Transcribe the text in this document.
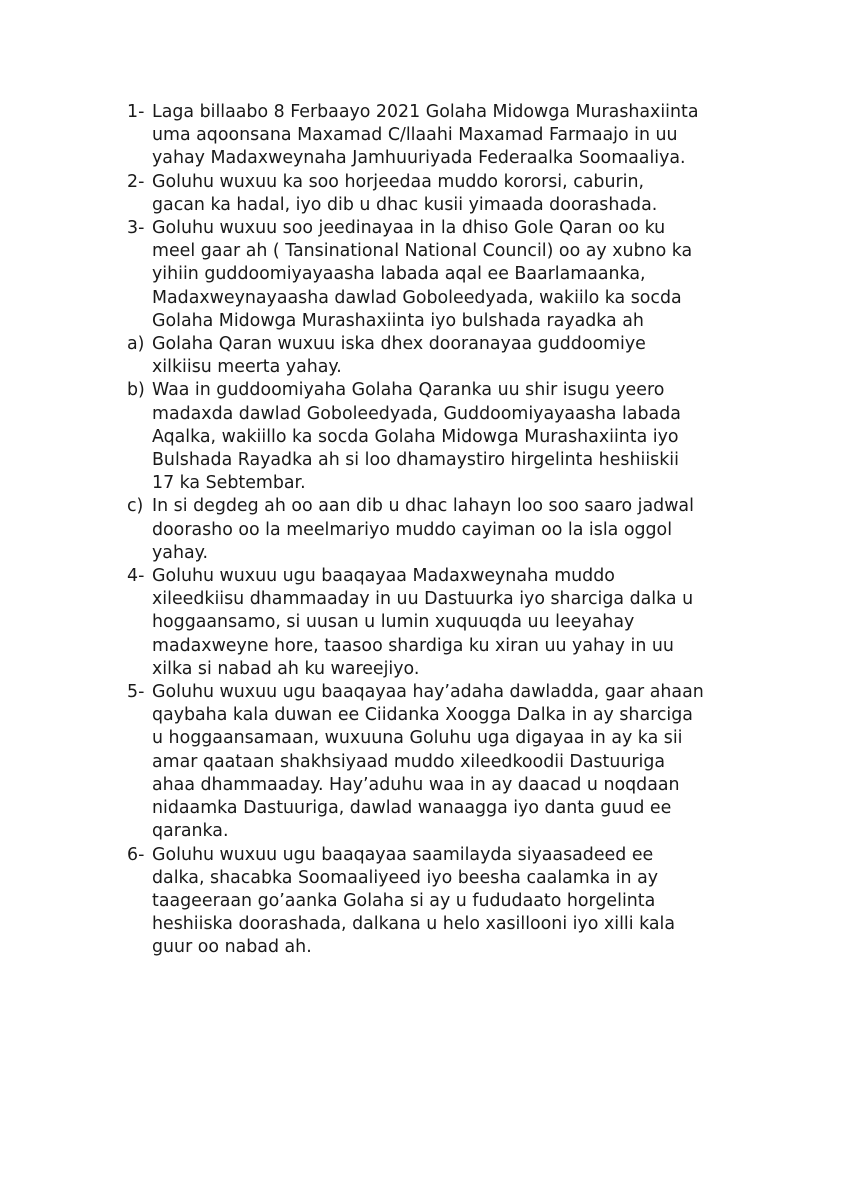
1- Laga billaabo 8 Ferbaayo 2021 Golaha Midowga Murashaxiinta
uma aqoonsana Maxamad C/llaahi Maxamad Farmaajo in uu
yahay Madaxweynaha Jamhuuriyada Federaalka Soomaaliya.
2- Goluhu wuxuu ka soo horjeedaa muddo kororsi, caburin,
gacan ka hadal, iyo dib u dhac kusii yimaada doorashada.
3- Goluhu wuxuu soo jeedinayaa in la dhiso Gole Qaran oo ku
meel gaar ah ( Tansinational National Council) oo ay xubno ka
yihiin guddoomiyayaasha labada aqal ee Baarlamaanka,
Madaxweynayaasha dawlad Goboleedyada, wakiilo ka socda
Golaha Midowga Murashaxiinta iyo bulshada rayadka ah
a) Golaha Qaran wuxuu iska dhex dooranayaa guddoomiye
xilkiisu meerta yahay.
b) Waa in guddoomiyaha Golaha Qaranka uu shir isugu yeero
madaxda dawlad Goboleedyada, Guddoomiyayaasha labada
Aqalka, wakiillo ka socda Golaha Midowga Murashaxiinta iyo
Bulshada Rayadka ah si loo dhamaystiro hirgelinta heshiiskii
17 ka Sebtembar.
c) In si degdeg ah oo aan dib u dhac lahayn loo soo saaro jadwal
doorasho oo la meelmariyo muddo cayiman oo la isla oggol
yahay.
4- Goluhu wuxuu ugu baaqayaa Madaxweynaha muddo
xileedkiisu dhammaaday in uu Dastuurka iyo sharciga dalka u
hoggaansamo, si uusan u lumin xuquuqda uu leeyahay
madaxweyne hore, taasoo shardiga ku xiran uu yahay in uu
xilka si nabad ah ku wareejiyo.
5- Goluhu wuxuu ugu baaqayaa hay’adaha dawladda, gaar ahaan
qaybaha kala duwan ee Ciidanka Xoogga Dalka in ay sharciga
u hoggaansamaan, wuxuuna Goluhu uga digayaa in ay ka sii
amar qaataan shakhsiyaad muddo xileedkoodii Dastuuriga
ahaa dhammaaday. Hay’aduhu waa in ay daacad u noqdaan
nidaamka Dastuuriga, dawlad wanaagga iyo danta guud ee
qaranka.
6- Goluhu wuxuu ugu baaqayaa saamilayda siyaasadeed ee
dalka, shacabka Soomaaliyeed iyo beesha caalamka in ay
taageeraan go’aanka Golaha si ay u fududaato horgelinta
heshiiska doorashada, dalkana u helo xasillooni iyo xilli kala
guur oo nabad ah.
